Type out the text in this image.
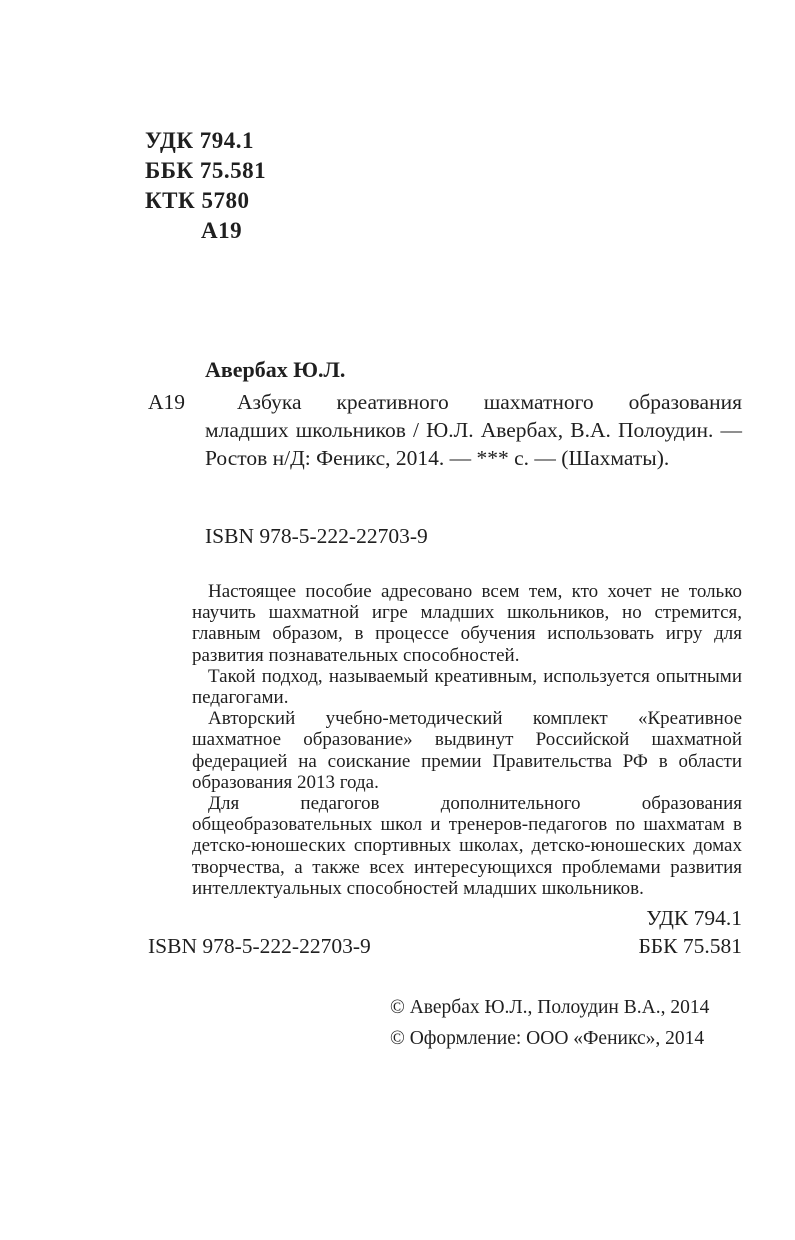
УДК 794.1
ББК 75.581
КТК 5780
А19
Авербах Ю.Л.
А19	Азбука креативного шахматного образования младших школьников / Ю.Л. Авербах, В.А. Полоудин. — Ростов н/Д: Феникс, 2014. — *** с. — (Шахматы).
ISBN 978-5-222-22703-9

Настоящее пособие адресовано всем тем, кто хочет не только научить шахматной игре младших школьников, но стремится, главным образом, в процессе обучения использовать игру для развития познавательных способностей.

Такой подход, называемый креативным, используется опытными педагогами.

Авторский учебно-методический комплект «Креативное шахматное образование» выдвинут Российской шахматной федерацией на соискание премии Правительства РФ в области образования 2013 года.

Для педагогов дополнительного образования общеобразовательных школ и тренеров-педагогов по шахматам в детско-юношеских спортивных школах, детско-юношеских домах творчества, а также всех интересующихся проблемами развития интеллектуальных способностей младших школьников.

УДК 794.1
ISBN 978-5-222-22703-9	ББК 75.581
© Авербах Ю.Л., Полоудин В.А., 2014
© Оформление: ООО «Феникс», 2014
